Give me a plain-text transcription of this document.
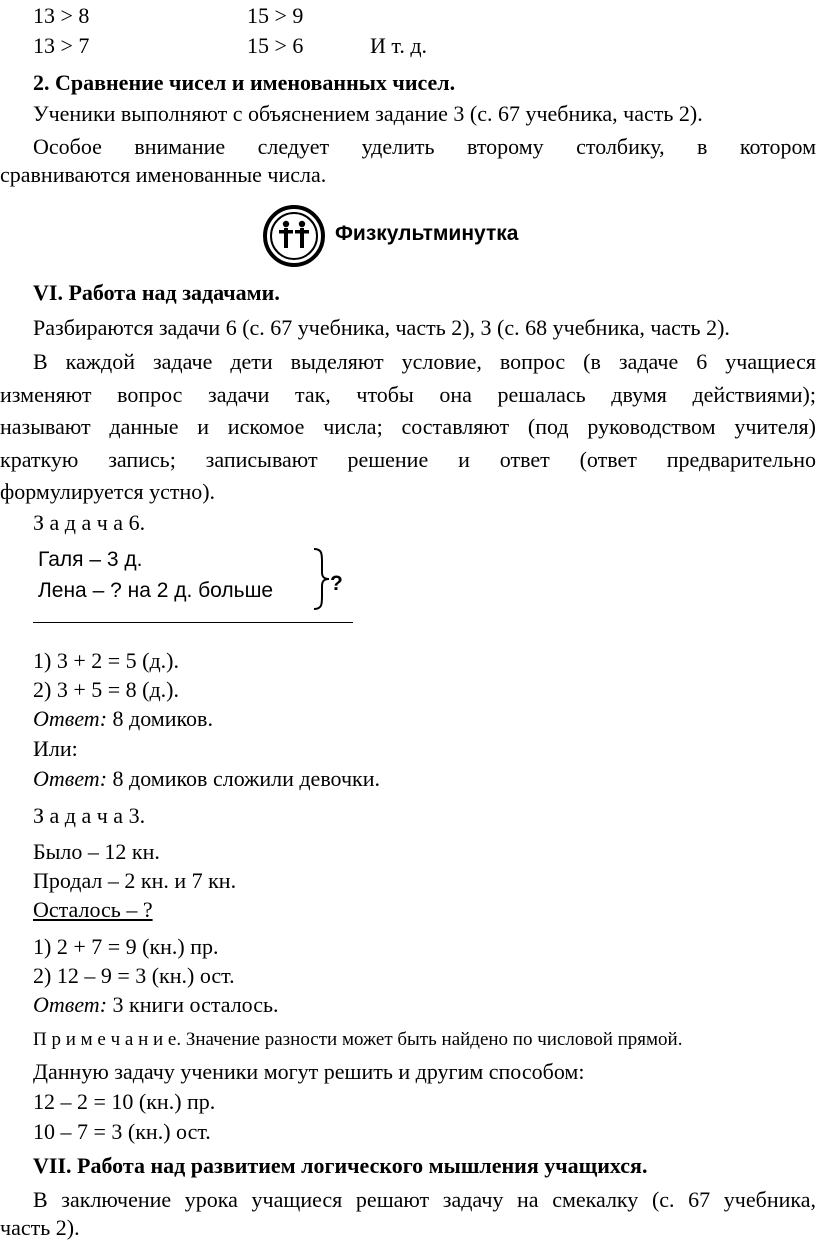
13 > 8	15 > 9
13 > 7	15 > 6	И т. д.
2. Сравнение чисел и именованных чисел.
Ученики выполняют с объяснением задание 3 (с. 67 учебника, часть 2).
Особое внимание следует уделить второму столбику, в котором
сравниваются именованные числа.
Физкультминутка
VI. Работа над задачами.
Разбираются задачи 6 (с. 67 учебника, часть 2), 3 (с. 68 учебника, часть 2).
В каждой задаче дети выделяют условие, вопрос (в задаче 6 учащиеся
изменяют вопрос задачи так, чтобы она решалась двумя действиями);
называют данные и искомое числа; составляют (под руководством учителя)
краткую запись; записывают решение и ответ (ответ предварительно
формулируется устно).
З а д а ч а 6.
Галя – 3 д.
Лена – ? на 2 д. больше	?
1) 3 + 2 = 5 (д.).
2) 3 + 5 = 8 (д.).
Ответ: 8 домиков.
Или:
Ответ: 8 домиков сложили девочки.
З а д а ч а 3.
Было – 12 кн.
Продал – 2 кн. и 7 кн.
Осталось – ?
1) 2 + 7 = 9 (кн.) пр.
2) 12 – 9 = 3 (кн.) ост.
Ответ: 3 книги осталось.
П р и м е ч а н и е. Значение разности может быть найдено по числовой прямой.
Данную задачу ученики могут решить и другим способом:
12 – 2 = 10 (кн.) пр.
10 – 7 = 3 (кн.) ост.
VII. Работа над развитием логического мышления учащихся.
В заключение урока учащиеся решают задачу на смекалку (с. 67 учебника,
часть 2).
